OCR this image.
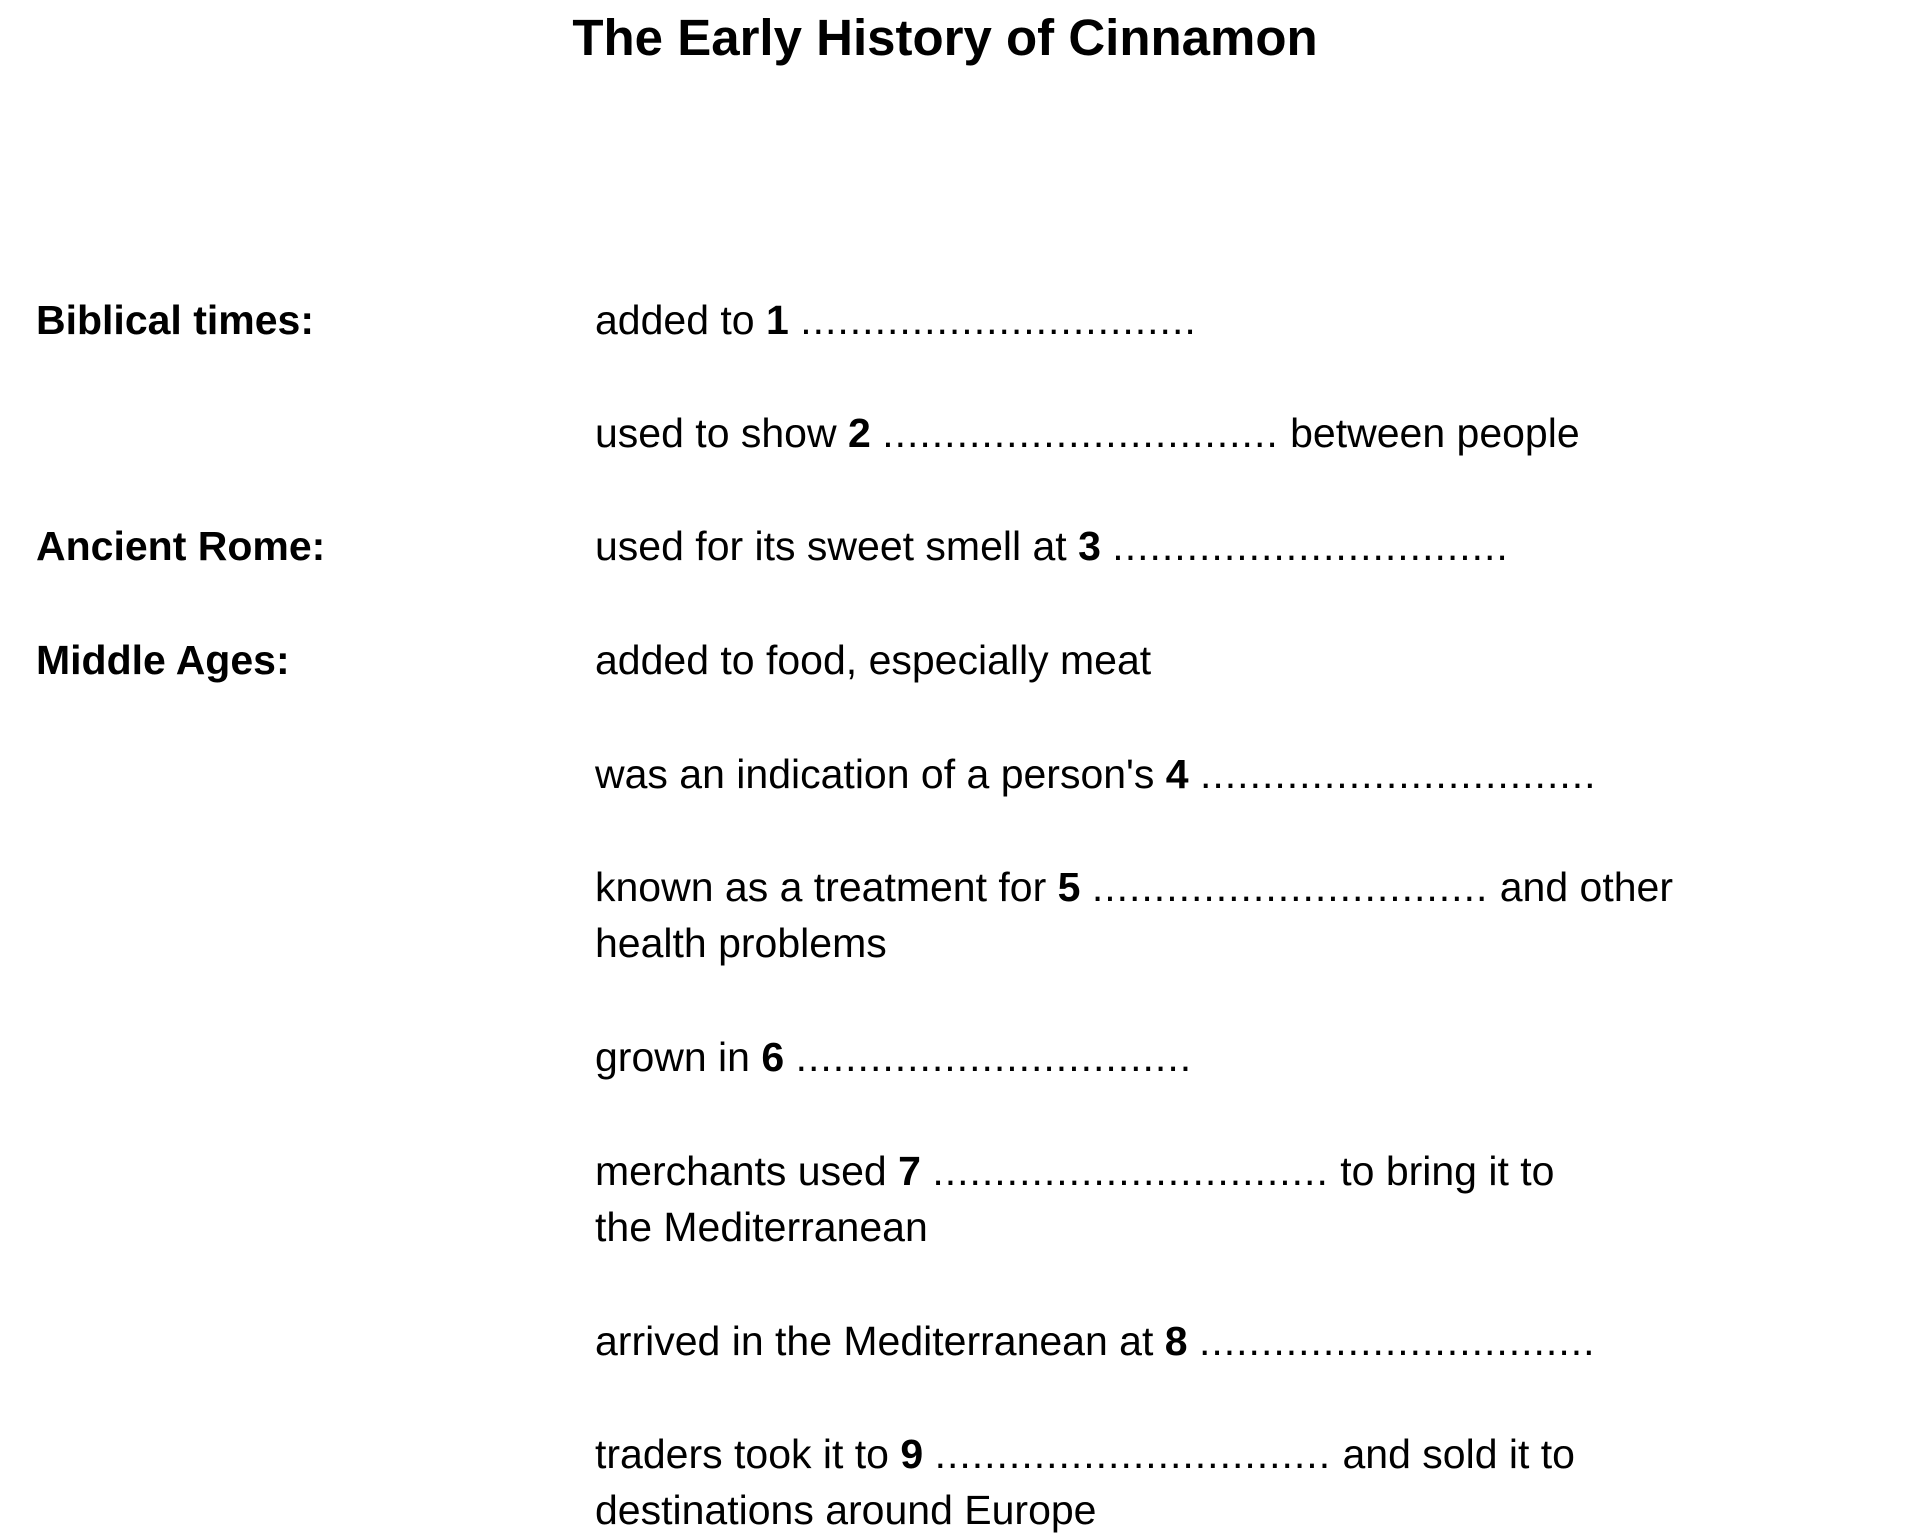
The Early History of Cinnamon
Biblical times:
Ancient Rome:
Middle Ages:
added to 1 ................................
used to show 2 ................................ between people
used for its sweet smell at 3 ................................
added to food, especially meat
was an indication of a person's 4 ................................
known as a treatment for 5 ................................ and other
health problems
grown in 6 ................................
merchants used 7 ................................ to bring it to
the Mediterranean
arrived in the Mediterranean at 8 ................................
traders took it to 9 ................................ and sold it to
destinations around Europe
